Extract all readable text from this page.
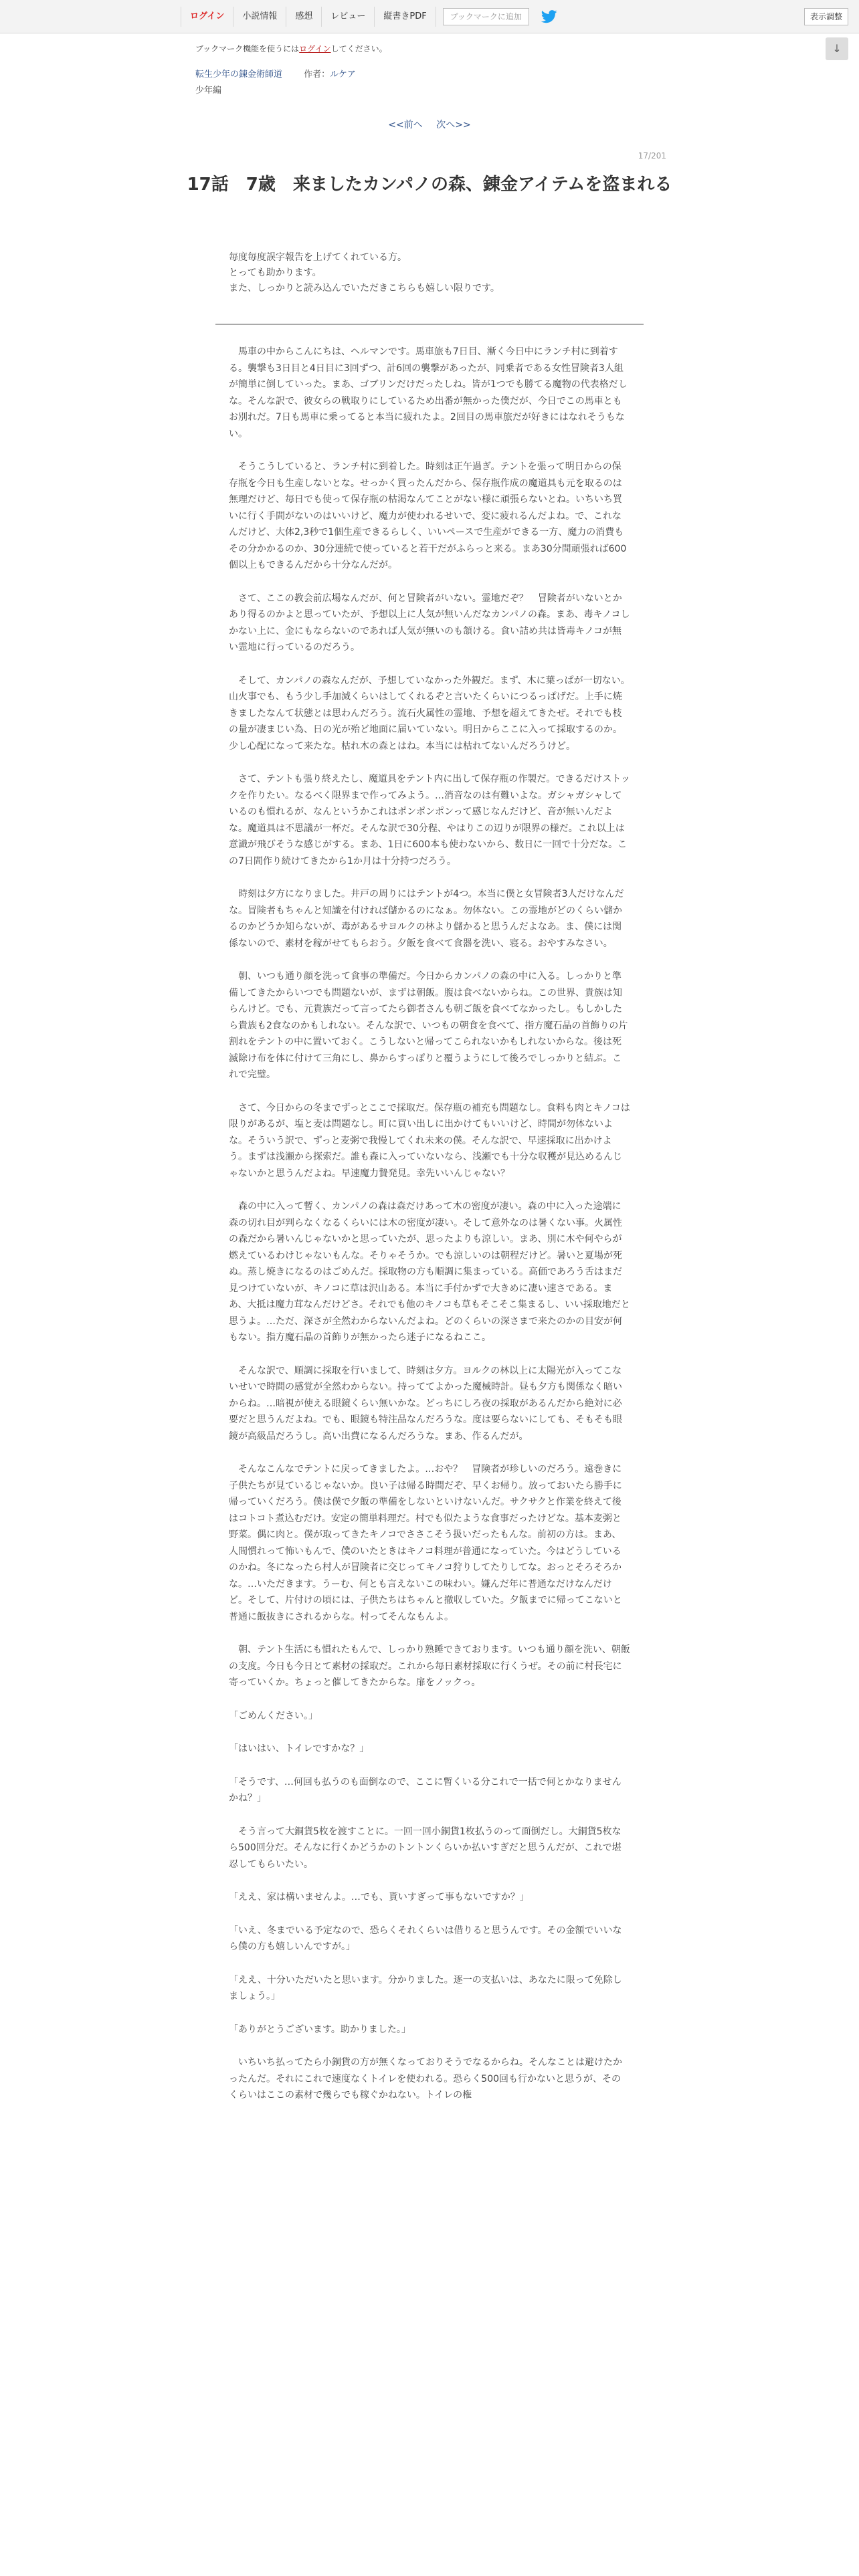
ログイン	小説情報	感想	レビュー	縦書きPDF	ブックマークに追加	表示調整
↓
ブックマーク機能を使うにはログインしてください。
転生少年の錬金術師道 作者：ルケア
少年編
<<前へ 次へ>>
17/201
17話　7歳　来ましたカンパノの森、錬金アイテムを盗まれる

毎度毎度誤字報告を上げてくれている方。

とっても助かります。

また、しっかりと読み込んでいただきこちらも嬉しい限りです。

　馬車の中からこんにちは、ヘルマンです。馬車旅も7日目、漸く今日中にランチ村に到着する。襲撃も3日目と4日目に3回ずつ、計6回の襲撃があったが、同乗者である女性冒険者3人組が簡単に倒していった。まあ、ゴブリンだけだったしね。皆が1つでも勝てる魔物の代表格だしな。そんな訳で、彼女らの戦取りにしているため出番が無かった僕だが、今日でこの馬車ともお別れだ。7日も馬車に乗ってると本当に疲れたよ。2回目の馬車旅だが好きにはなれそうもない。

　そうこうしていると、ランチ村に到着した。時刻は正午過ぎ。テントを張って明日からの保存瓶を今日も生産しないとな。せっかく買ったんだから、保存瓶作成の魔道具も元を取るのは無理だけど、毎日でも使って保存瓶の枯渇なんてことがない様に頑張らないとね。いちいち買いに行く手間がないのはいいけど、魔力が使われるせいで、変に疲れるんだよね。で、これなんだけど、大体2,3秒で1個生産できるらしく、いいペースで生産ができる一方、魔力の消費もその分かかるのか、30分連続で使っていると若干だがふらっと来る。まあ30分間頑張れば600個以上もできるんだから十分なんだが。

　さて、ここの教会前広場なんだが、何と冒険者がいない。霊地だぞ？　冒険者がいないとかあり得るのかよと思っていたが、予想以上に人気が無いんだなカンパノの森。まあ、毒キノコしかない上に、金にもならないのであれば人気が無いのも頷ける。食い詰め共は皆毒キノコが無い霊地に行っているのだろう。

　そして、カンパノの森なんだが、予想していなかった外観だ。まず、木に葉っぱが一切ない。山火事でも、もう少し手加減くらいはしてくれるぞと言いたくらいにつるっぱげだ。上手に焼きましたなんて状態とは思わんだろう。流石火属性の霊地、予想を超えてきたぜ。それでも枝の量が凄まじい為、日の光が殆ど地面に届いていない。明日からここに入って採取するのか。少し心配になって来たな。枯れ木の森とはね。本当には枯れてないんだろうけど。

　さて、テントも張り終えたし、魔道具をテント内に出して保存瓶の作製だ。できるだけストックを作りたい。なるべく限界まで作ってみよう。…消音なのは有難いよな。ガシャガシャしているのも慣れるが、なんというかこれはポンポンポンって感じなんだけど、音が無いんだよな。魔道具は不思議が一杯だ。そんな訳で30分程、やはりこの辺りが限界の様だ。これ以上は意識が飛びそうな感じがする。まあ、1日に600本も使わないから、数日に一回で十分だな。この7日間作り続けてきたから1か月は十分持つだろう。

　時刻は夕方になりました。井戸の周りにはテントが4つ。本当に僕と女冒険者3人だけなんだな。冒険者もちゃんと知識を付ければ儲かるのになぁ。勿体ない。この霊地がどのくらい儲かるのかどうか知らないが、毒があるサヨルクの林より儲かると思うんだよなあ。ま、僕には関係ないので、素材を稼がせてもらおう。夕飯を食べて食器を洗い、寝る。おやすみなさい。

　朝、いつも通り顔を洗って食事の準備だ。今日からカンパノの森の中に入る。しっかりと準備してきたからいつでも問題ないが、まずは朝飯。腹は食べないからね。この世界、貴族は知らんけど。でも、元貴族だって言ってたら御者さんも朝ご飯を食べてなかったし。もしかしたら貴族も2食なのかもしれない。そんな訳で、いつもの朝食を食べて、指方魔石晶の首飾りの片割れをテントの中に置いておく。こうしないと帰ってこられないかもしれないからな。後は死滅除け布を体に付けて三角にし、鼻からすっぽりと覆うようにして後ろでしっかりと結ぶ。これで完璧。

　さて、今日からの冬までずっとここで採取だ。保存瓶の補充も問題なし。食料も肉とキノコは限りがあるが、塩と麦は問題なし。町に買い出しに出かけてもいいけど、時間が勿体ないよな。そういう訳で、ずっと麦粥で我慢してくれ未来の僕。そんな訳で、早速採取に出かけよう。まずは浅瀬から探索だ。誰も森に入っていないなら、浅瀬でも十分な収穫が見込めるんじゃないかと思うんだよね。早速魔力贄発見。幸先いいんじゃない？

　森の中に入って暫く、カンパノの森は森だけあって木の密度が凄い。森の中に入った途端に森の切れ目が判らなくなるくらいには木の密度が凄い。そして意外なのは暑くない事。火属性の森だから暑いんじゃないかと思っていたが、思ったよりも涼しい。まあ、別に木や何やらが燃えているわけじゃないもんな。そりゃそうか。でも涼しいのは朝程だけど。暑いと夏場が死ぬ。蒸し焼きになるのはごめんだ。採取物の方も順調に集まっている。高価であろう舌はまだ見つけていないが、キノコに草は沢山ある。本当に手付かずで大きめに凄い速さである。まあ、大抵は魔力茸なんだけどさ。それでも他のキノコも草もそこそこ集まるし、いい採取地だと思うよ。…ただ、深さが全然わからないんだよね。どのくらいの深さまで来たのかの目安が何もない。指方魔石晶の首飾りが無かったら迷子になるねここ。

　そんな訳で、順調に採取を行いまして、時刻は夕方。ヨルクの林以上に太陽光が入ってこないせいで時間の感覚が全然わからない。持っててよかった魔械時計。昼も夕方も関係なく暗いからね。…暗視が使える眼鏡くらい無いかな。どっちにしろ夜の採取があるんだから絶対に必要だと思うんだよね。でも、眼鏡も特注品なんだろうな。度は要らないにしても、そもそも眼鏡が高級品だろうし。高い出費になるんだろうな。まあ、作るんだが。

　そんなこんなでテントに戻ってきましたよ。…おや？　冒険者が珍しいのだろう。遠巻きに子供たちが見ているじゃないか。良い子は帰る時間だぞ、早くお帰り。放っておいたら勝手に帰っていくだろう。僕は僕で夕飯の準備をしないといけないんだ。サクサクと作業を終えて後はコトコト煮込むだけ。安定の簡単料理だ。村でも似たような食事だったけどな。基本麦粥と野菜。偶に肉と。僕が取ってきたキノコでささこそう扱いだったもんな。前初の方は。まあ、人間慣れって怖いもんで、僕のいたときはキノコ料理が普通になっていた。今はどうしているのかね。冬になったら村人が冒険者に交じってキノコ狩りしてたりしてな。おっとそろそろかな。…いただきます。うーむ、何とも言えないこの味わい。嫌んだ年に普通なだけなんだけど。そして、片付けの頃には、子供たちはちゃんと撤収していた。夕飯までに帰ってこないと普通に飯抜きにされるからな。村ってそんなもんよ。

　朝、テント生活にも慣れたもんで、しっかり熟睡できております。いつも通り顔を洗い、朝飯の支度。今日も今日とて素材の採取だ。これから毎日素材採取に行くうぜ。その前に村長宅に寄っていくか。ちょっと催してきたからな。扉をノックっ。

「ごめんください。」

「はいはい、トイレですかな？」

「そうです、…何回も払うのも面倒なので、ここに暫くいる分これで一括で何とかなりませんかね？」

　そう言って大銅貨5枚を渡すことに。一回一回小銅貨1枚払うのって面倒だし。大銅貨5枚なら500回分だ。そんなに行くかどうかのトントンくらいか払いすぎだと思うんだが、これで堪忍してもらいたい。

「ええ、家は構いませんよ。…でも、貰いすぎって事もないですか？」

「いえ、冬までいる予定なので、恐らくそれくらいは借りると思うんです。その金額でいいなら僕の方も嬉しいんですが。」

「ええ、十分いただいたと思います。分かりました。逐一の支払いは、あなたに限って免除しましょう。」

「ありがとうございます。助かりました。」

　いちいち払ってたら小銅貨の方が無くなっておりそうでなるからね。そんなことは避けたかったんだ。それにこれで速度なくトイレを使われる。恐らく500回も行かないと思うが、そのくらいはここの素材で幾らでも稼ぐかねない。トイレの権
